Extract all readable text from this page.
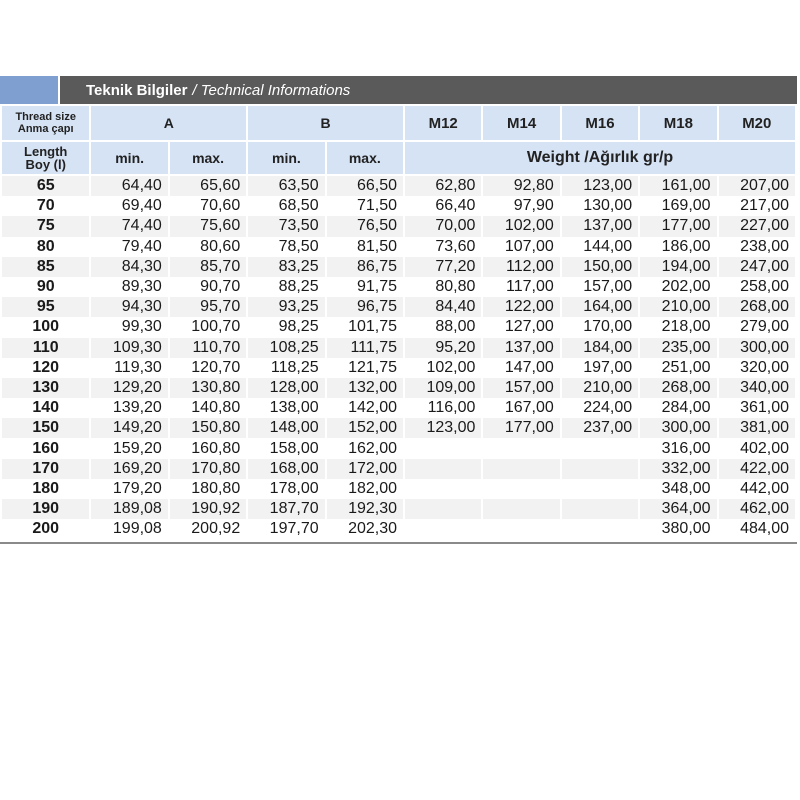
Teknik Bilgiler / Technical Informations
Thread size
Anma çapı	A		B		M12	M14	M16	M18	M20

Length
Boy (l)	min.	max.	min.	max.	Weight /Ağırlık gr/p				
65	64,40	65,60	63,50	66,50	62,80	92,80	123,00	161,00	207,00
70	69,40	70,60	68,50	71,50	66,40	97,90	130,00	169,00	217,00
75	74,40	75,60	73,50	76,50	70,00	102,00	137,00	177,00	227,00
80	79,40	80,60	78,50	81,50	73,60	107,00	144,00	186,00	238,00
85	84,30	85,70	83,25	86,75	77,20	112,00	150,00	194,00	247,00
90	89,30	90,70	88,25	91,75	80,80	117,00	157,00	202,00	258,00
95	94,30	95,70	93,25	96,75	84,40	122,00	164,00	210,00	268,00
100	99,30	100,70	98,25	101,75	88,00	127,00	170,00	218,00	279,00
110	109,30	110,70	108,25	111,75	95,20	137,00	184,00	235,00	300,00
120	119,30	120,70	118,25	121,75	102,00	147,00	197,00	251,00	320,00
130	129,20	130,80	128,00	132,00	109,00	157,00	210,00	268,00	340,00
140	139,20	140,80	138,00	142,00	116,00	167,00	224,00	284,00	361,00
150	149,20	150,80	148,00	152,00	123,00	177,00	237,00	300,00	381,00
160	159,20	160,80	158,00	162,00				316,00	402,00
170	169,20	170,80	168,00	172,00				332,00	422,00
180	179,20	180,80	178,00	182,00				348,00	442,00
190	189,08	190,92	187,70	192,30				364,00	462,00
200	199,08	200,92	197,70	202,30				380,00	484,00
